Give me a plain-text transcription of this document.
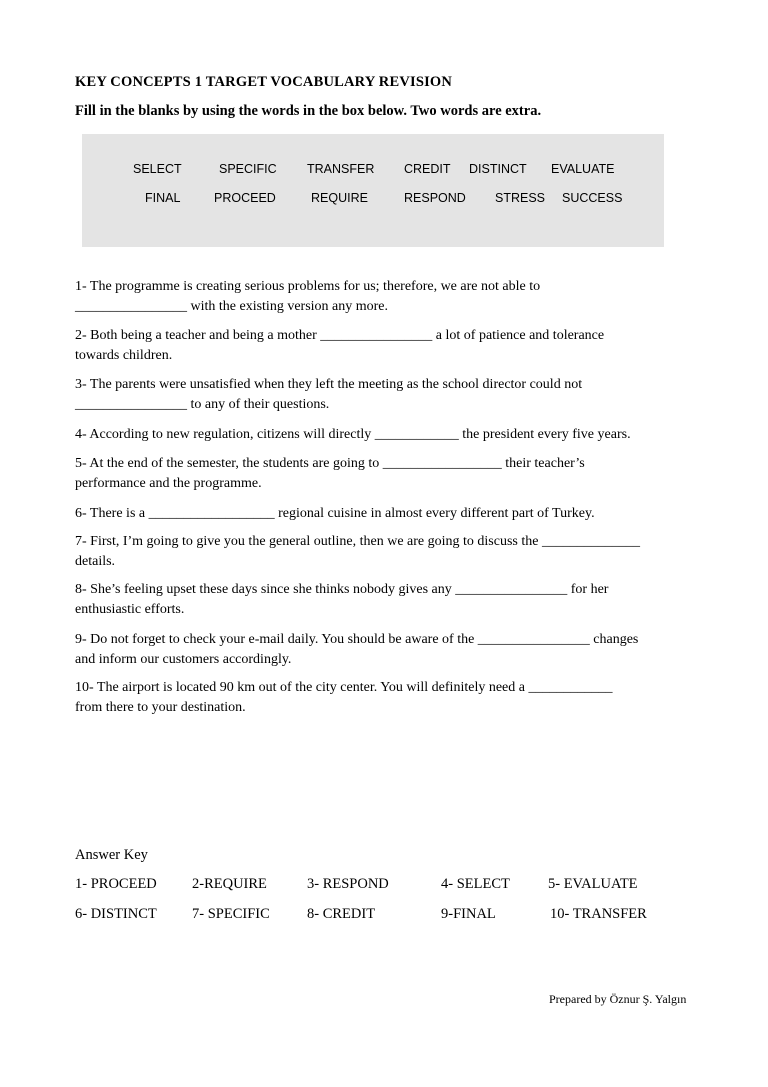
KEY CONCEPTS 1 TARGET VOCABULARY REVISION
Fill in the blanks by using the words in the box below. Two words are extra.
SELECT	SPECIFIC TRANSFER CREDIT DISTINCT EVALUATE
FINAL	PROCEED	REQUIRE	RESPOND STRESS SUCCESS
1- The programme is creating serious problems for us; therefore, we are not able to
________________ with the existing version any more.
2- Both being a teacher and being a mother ________________ a lot of patience and tolerance
towards children.
3- The parents were unsatisfied when they left the meeting as the school director could not
________________ to any of their questions.
4- According to new regulation, citizens will directly ____________ the president every five years.
5- At the end of the semester, the students are going to _________________ their teacher’s
performance and the programme.
6- There is a __________________ regional cuisine in almost every different part of Turkey.
7- First, I’m going to give you the general outline, then we are going to discuss the ______________
details.
8- She’s feeling upset these days since she thinks nobody gives any ________________ for her
enthusiastic efforts.
9- Do not forget to check your e-mail daily. You should be aware of the ________________ changes
and inform our customers accordingly.
10- The airport is located 90 km out of the city center. You will definitely need a ____________
from there to your destination.
Answer Key
1- PROCEED 2-REQUIRE	3- RESPOND	4- SELECT	5- EVALUATE
6- DISTINCT 7- SPECIFIC	8- CREDIT	9-FINAL	10- TRANSFER
Prepared by Öznur Ş. Yalgın
